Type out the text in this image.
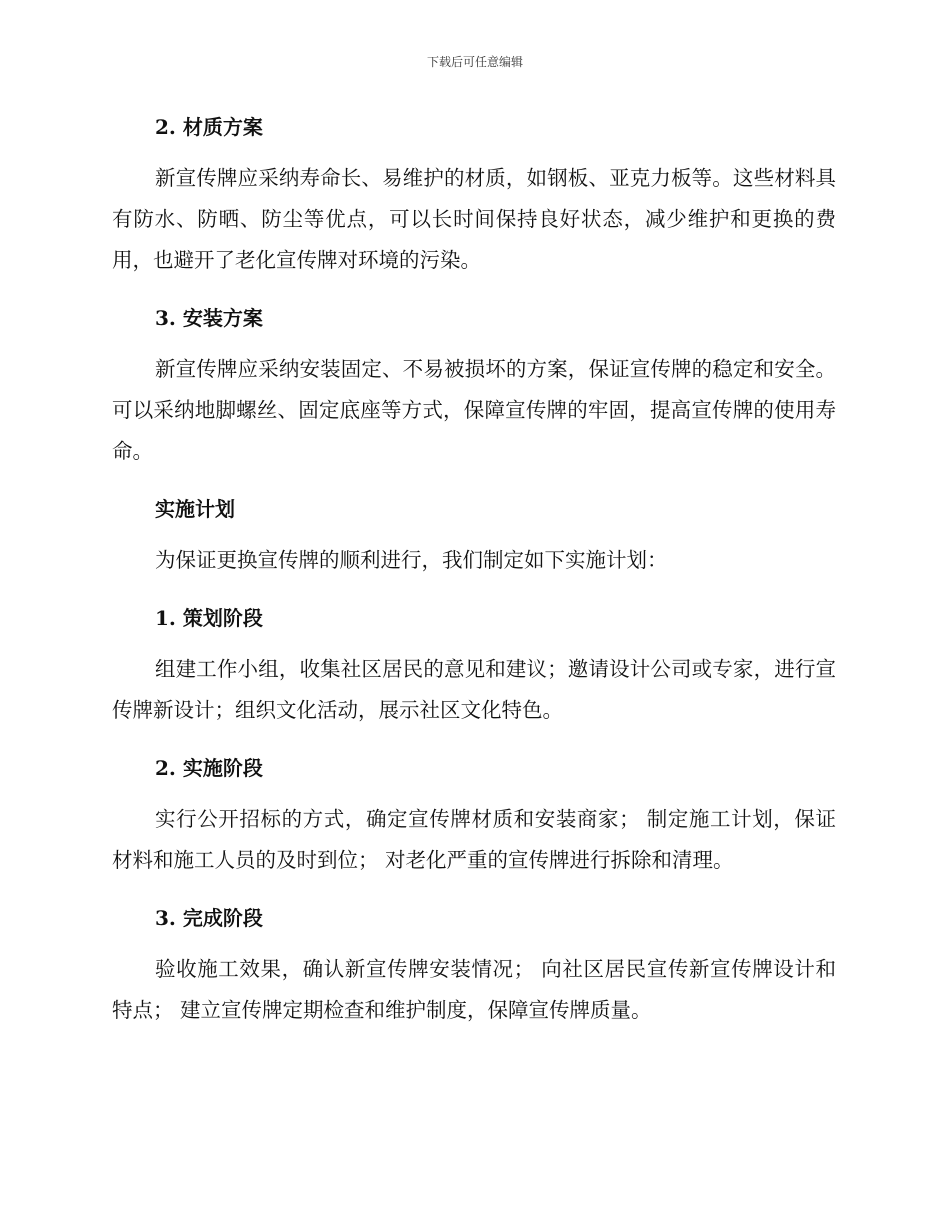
下载后可任意编辑

2. 材质方案

新宣传牌应采纳寿命长、易维护的材质，如钢板、亚克力板等。这些材料具有防水、防晒、防尘等优点，可以长时间保持良好状态，减少维护和更换的费用，也避开了老化宣传牌对环境的污染。

3. 安装方案

新宣传牌应采纳安装固定、不易被损坏的方案，保证宣传牌的稳定和安全。可以采纳地脚螺丝、固定底座等方式，保障宣传牌的牢固，提高宣传牌的使用寿命。

实施计划

为保证更换宣传牌的顺利进行，我们制定如下实施计划：

1. 策划阶段

组建工作小组，收集社区居民的意见和建议；邀请设计公司或专家，进行宣传牌新设计；组织文化活动，展示社区文化特色。

2. 实施阶段

实行公开招标的方式，确定宣传牌材质和安装商家； 制定施工计划，保证材料和施工人员的及时到位； 对老化严重的宣传牌进行拆除和清理。

3. 完成阶段

验收施工效果，确认新宣传牌安装情况； 向社区居民宣传新宣传牌设计和特点； 建立宣传牌定期检查和维护制度，保障宣传牌质量。
